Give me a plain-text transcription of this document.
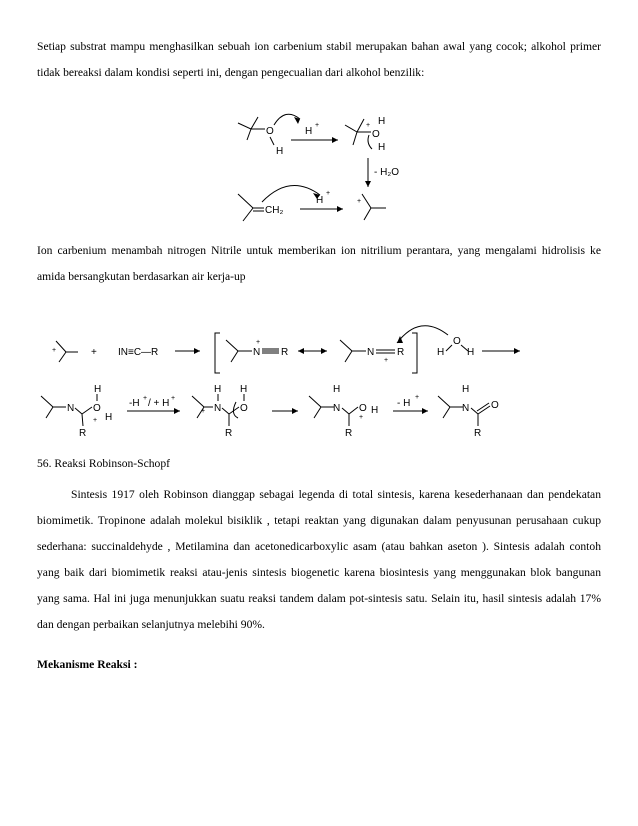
Setiap substrat mampu menghasilkan sebuah ion carbenium stabil merupakan bahan awal yang cocok; alkohol primer tidak bereaksi dalam kondisi seperti ini, dengan pengecualian dari alkohol benzilik:

O
H
H
+	+
O
H
H
- H₂O
CH₂
H
+
+

Ion carbenium menambah nitrogen Nitrile untuk memberikan ion nitrilium perantara, yang mengalami hidrolisis ke amida bersangkutan berdasarkan air kerja-up

+	+ IN≡C—R	N
+
R	N
+
R	H
O
H
N
R
O
H
+ H
-H + / + H +
+ N
H
R
O
H
N
H
R
O
+
H
- H
+
N
H
R
O

56. Reaksi Robinson-Schopf

Sintesis 1917 oleh Robinson dianggap sebagai legenda di total sintesis, karena kesederhanaan dan pendekatan biomimetik. Tropinone adalah molekul bisiklik , tetapi reaktan yang digunakan dalam penyusunan perusahaan cukup sederhana: succinaldehyde , Metilamina dan acetonedicarboxylic asam (atau bahkan aseton ). Sintesis adalah contoh yang baik dari biomimetik reaksi atau-jenis sintesis biogenetic karena biosintesis yang menggunakan blok bangunan yang sama. Hal ini juga menunjukkan suatu reaksi tandem dalam pot-sintesis satu. Selain itu, hasil sintesis adalah 17% dan dengan perbaikan selanjutnya melebihi 90%.

Mekanisme Reaksi :
